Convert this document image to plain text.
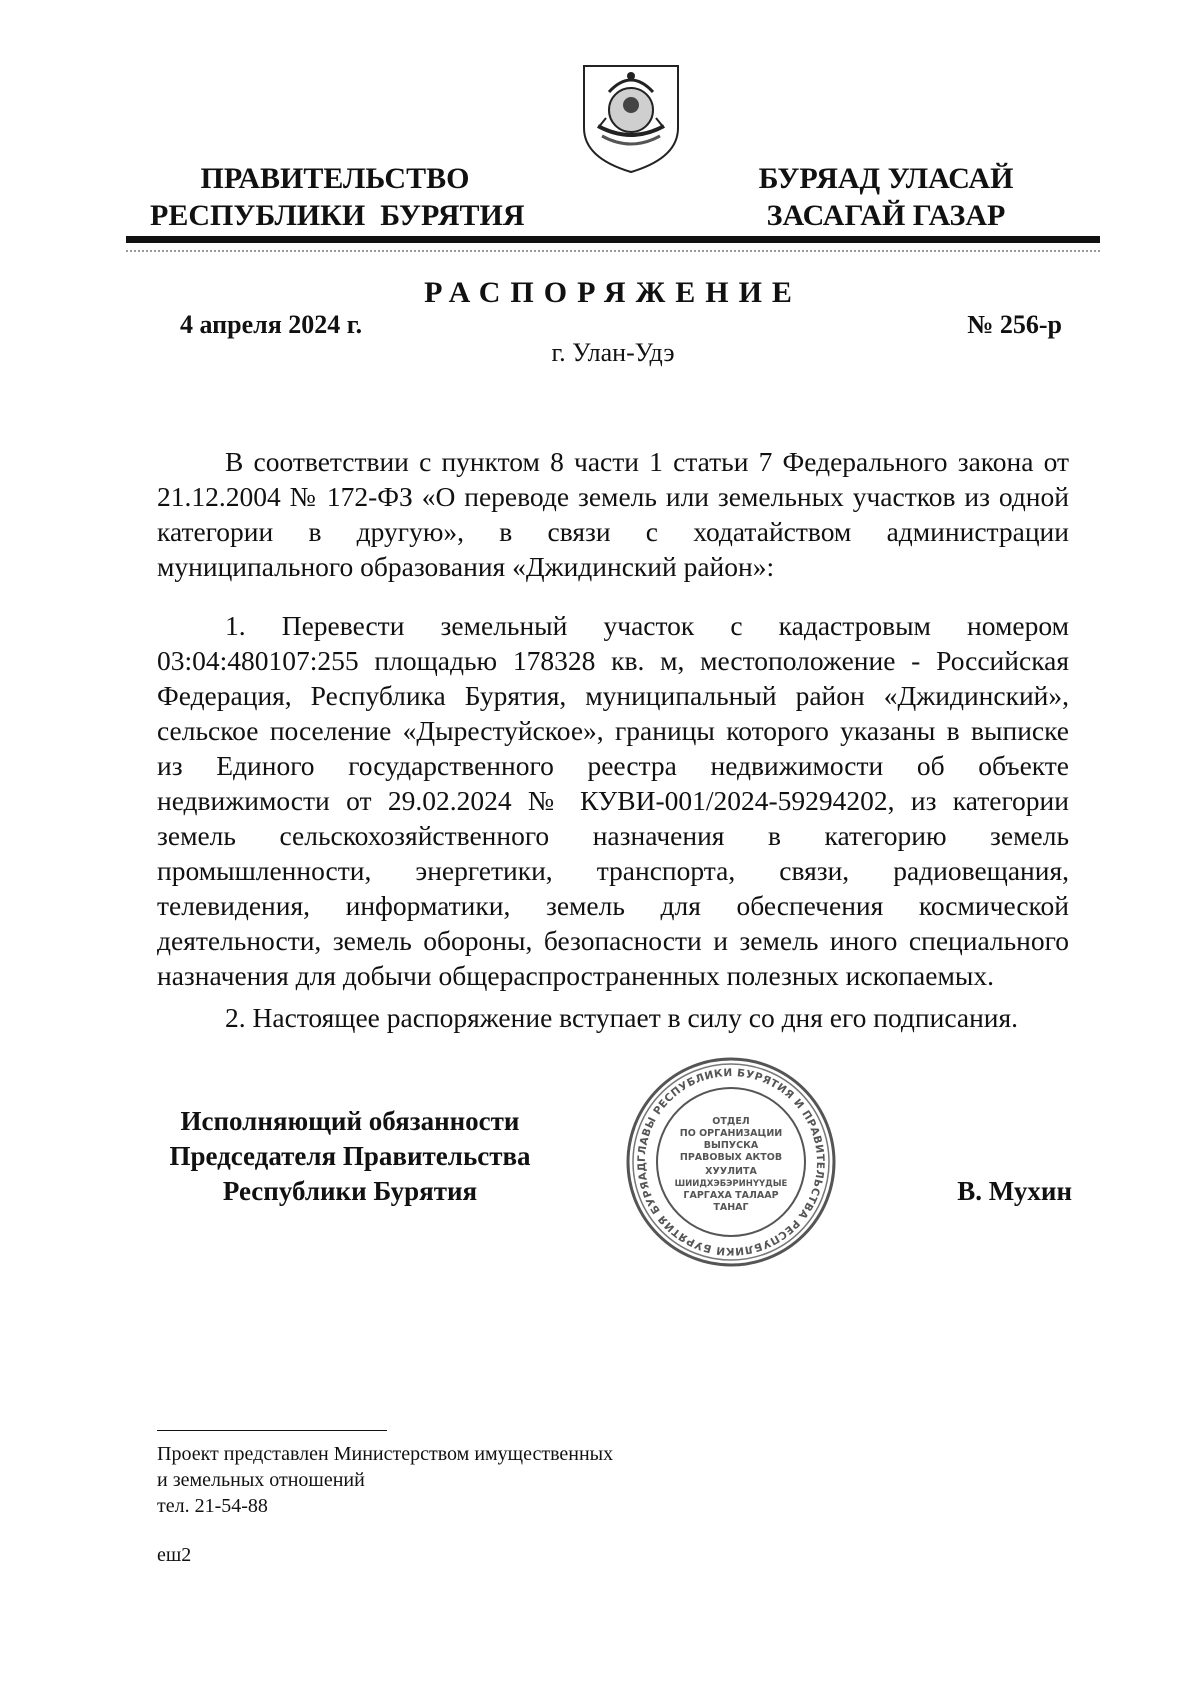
ПРАВИТЕЛЬСТВО
РЕСПУБЛИКИ  БУРЯТИЯ
БУРЯАД УЛАСАЙ
ЗАСАГАЙ ГАЗАР
РАСПОРЯЖЕНИЕ
4 апреля 2024 г.	№ 256-р
г. Улан-Удэ
В соответствии с пунктом 8 части 1 статьи 7 Федерального закона от 21.12.2004 № 172-ФЗ «О переводе земель или земельных участков из одной категории в другую», в связи с ходатайством администрации муниципального образования «Джидинский район»:
1. Перевести земельный участок с кадастровым номером 03:04:480107:255 площадью 178328 кв. м, местоположение - Российская Федерация, Республика Бурятия, муниципальный район «Джидинский», сельское поселение «Дырестуйское», границы которого указаны в выписке из Единого государственного реестра недвижимости об объекте недвижимости от 29.02.2024 № КУВИ-001/2024-59294202, из категории земель сельскохозяйственного назначения в категорию земель промышленности, энергетики, транспорта, связи, радиовещания, телевидения, информатики, земель для обеспечения космической деятельности, земель обороны, безопасности и земель иного специального назначения для добычи общераспространенных полезных ископаемых.
2. Настоящее распоряжение вступает в силу со дня его подписания.
Исполняющий обязанности
Председателя Правительства
Республики Бурятия	В. Мухин
ГЛАВЫ РЕСПУБЛИКИ БУРЯТИЯ И ПРАВИТЕЛЬСТВА РЕСПУБЛИКИ БУРЯТИЯ БУРЯАД
ОТДЕЛ
ПО ОРГАНИЗАЦИИ
ВЫПУСКА
ПРАВОВЫХ АКТОВ
ХУУЛИТА
ШИИДХЭБЭРИНҮҮДЫЕ
ГАРГАХА ТАЛААР
ТАНАГ
Проект представлен Министерством имущественных
и земельных отношений
тел. 21-54-88
еш2
